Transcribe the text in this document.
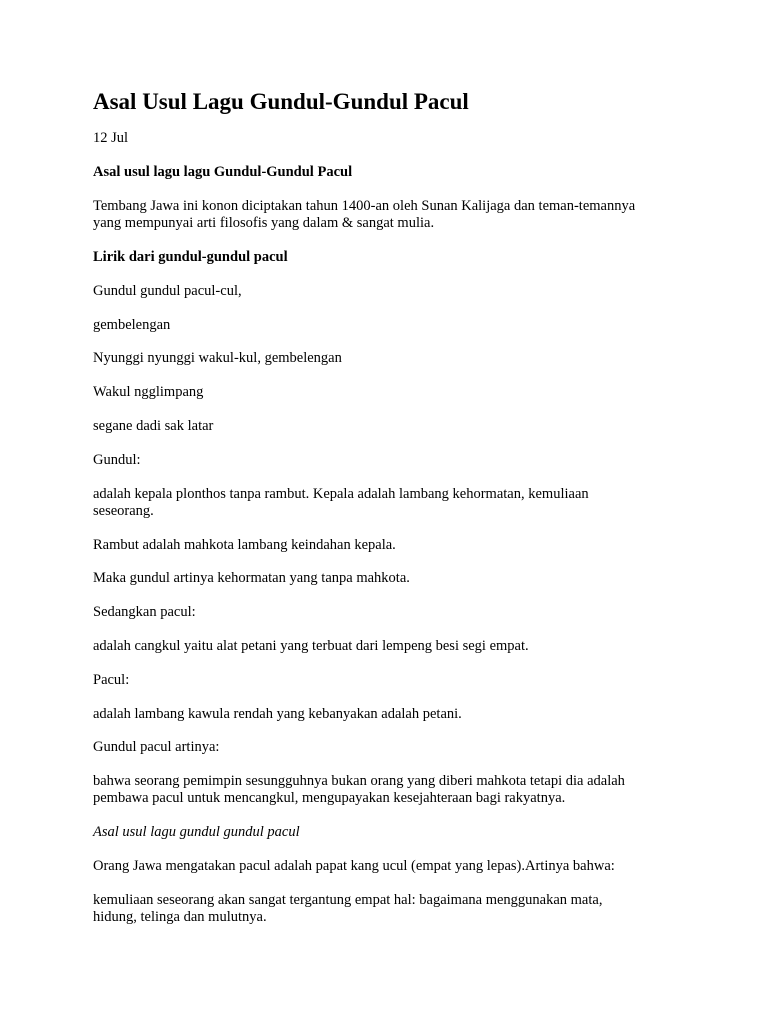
Asal Usul Lagu Gundul-Gundul Pacul

12 Jul

Asal usul lagu lagu Gundul-Gundul Pacul

Tembang Jawa ini konon diciptakan tahun 1400-an oleh Sunan Kalijaga dan teman-temannya

yang mempunyai arti filosofis yang dalam & sangat mulia.

Lirik dari gundul-gundul pacul

Gundul gundul pacul-cul,

gembelengan

Nyunggi nyunggi wakul-kul, gembelengan

Wakul ngglimpang

segane dadi sak latar

Gundul:

adalah kepala plonthos tanpa rambut. Kepala adalah lambang kehormatan, kemuliaan

seseorang.

Rambut adalah mahkota lambang keindahan kepala.

Maka gundul artinya kehormatan yang tanpa mahkota.

Sedangkan pacul:

adalah cangkul yaitu alat petani yang terbuat dari lempeng besi segi empat.

Pacul:

adalah lambang kawula rendah yang kebanyakan adalah petani.

Gundul pacul artinya:

bahwa seorang pemimpin sesungguhnya bukan orang yang diberi mahkota tetapi dia adalah

pembawa pacul untuk mencangkul, mengupayakan kesejahteraan bagi rakyatnya.

Asal usul lagu gundul gundul pacul

Orang Jawa mengatakan pacul adalah papat kang ucul (empat yang lepas).Artinya bahwa:

kemuliaan seseorang akan sangat tergantung empat hal: bagaimana menggunakan mata,

hidung, telinga dan mulutnya.
